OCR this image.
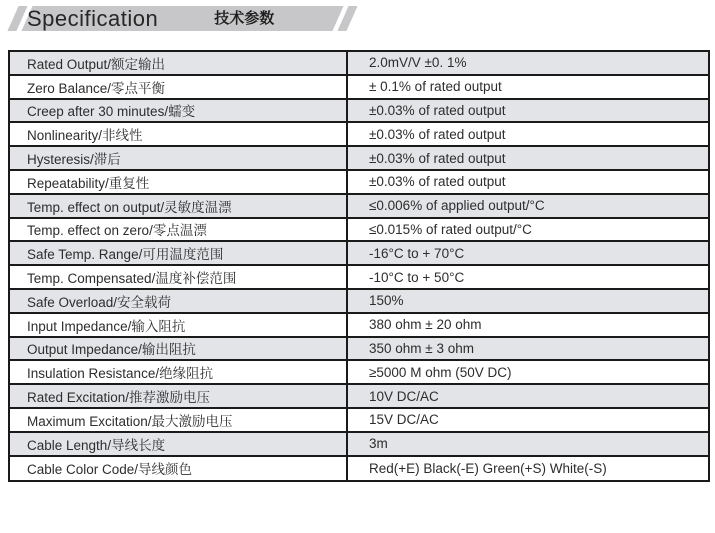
Specification	技术参数
Rated Output/额定输出	2.0mV/V ±0. 1%
Zero Balance/零点平衡	± 0.1% of rated output
Creep after 30 minutes/蠕变	±0.03% of rated output
Nonlinearity/非线性	±0.03% of rated output
Hysteresis/滞后	±0.03% of rated output
Repeatability/重复性	±0.03% of rated output
Temp. effect on output/灵敏度温漂	≤0.006% of applied output/°C
Temp. effect on zero/零点温漂	≤0.015% of rated output/°C
Safe Temp. Range/可用温度范围	-16°C to + 70°C
Temp. Compensated/温度补偿范围	-10°C to + 50°C
Safe Overload/安全载荷	150%
Input Impedance/输入阻抗	380 ohm ± 20 ohm
Output Impedance/输出阻抗	350 ohm ± 3 ohm
Insulation Resistance/绝缘阻抗	≥5000 M ohm (50V DC)
Rated Excitation/推荐激励电压	10V DC/AC
Maximum Excitation/最大激励电压	15V DC/AC
Cable Length/导线长度	3m
Cable Color Code/导线颜色	Red(+E) Black(-E) Green(+S) White(-S)
